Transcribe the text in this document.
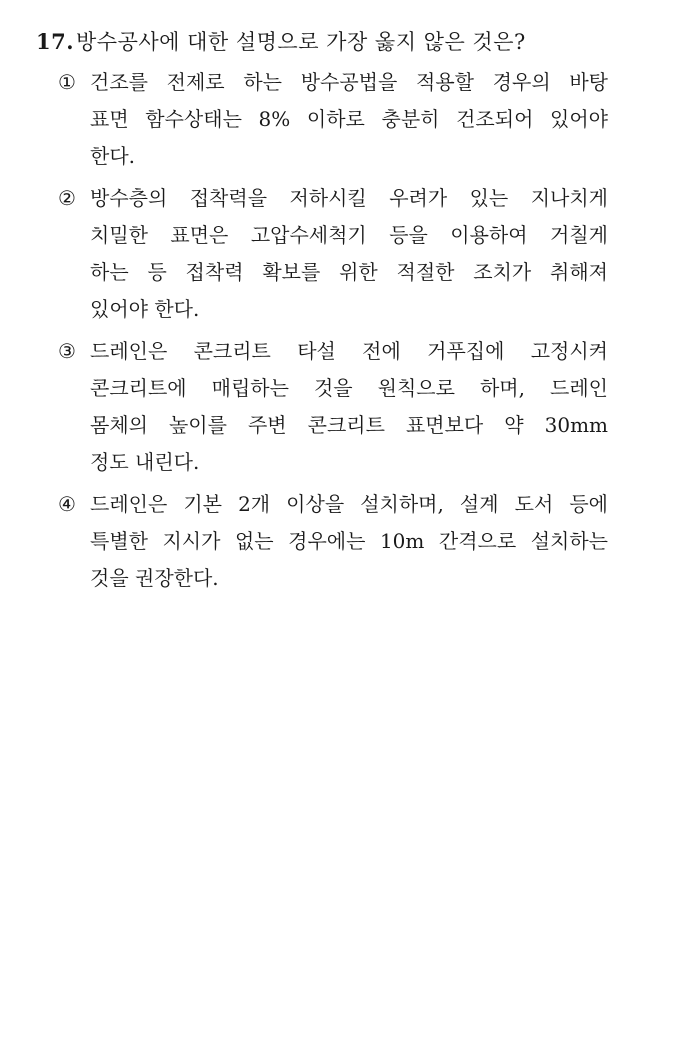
17. 방수공사에 대한 설명으로 가장 옳지 않은 것은?
① 건조를 전제로 하는 방수공법을 적용할 경우의 바탕
표면 함수상태는 8% 이하로 충분히 건조되어 있어야
한다.
② 방수층의 접착력을 저하시킬 우려가 있는 지나치게
치밀한 표면은 고압수세척기 등을 이용하여 거칠게
하는 등 접착력 확보를 위한 적절한 조치가 취해져
있어야 한다.
③ 드레인은 콘크리트 타설 전에 거푸집에 고정시켜
콘크리트에 매립하는 것을 원칙으로 하며, 드레인
몸체의 높이를 주변 콘크리트 표면보다 약 30mm
정도 내린다.
④ 드레인은 기본 2개 이상을 설치하며, 설계 도서 등에
특별한 지시가 없는 경우에는 10m 간격으로 설치하는
것을 권장한다.
